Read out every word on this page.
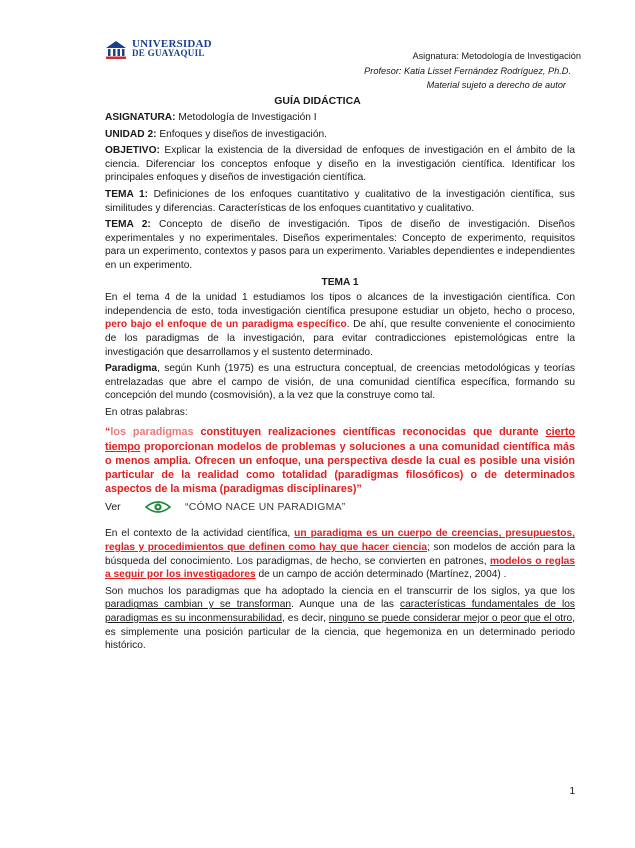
UNIVERSIDAD
DE GUAYAQUIL	Asignatura: Metodología de Investigación
Profesor: Katia Lisset Fernández Rodríguez, Ph.D.
Material sujeto a derecho de autor
GUÍA DIDÁCTICA

ASIGNATURA: Metodología de Investigación I

UNIDAD 2: Enfoques y diseños de investigación.

OBJETIVO: Explicar la existencia de la diversidad de enfoques de investigación en el ámbito de la ciencia. Diferenciar los conceptos enfoque y diseño en la investigación científica. Identificar los principales enfoques y diseños de investigación científica.

TEMA 1: Definiciones de los enfoques cuantitativo y cualitativo de la investigación científica, sus similitudes y diferencias. Características de los enfoques cuantitativo y cualitativo.

TEMA 2: Concepto de diseño de investigación. Tipos de diseño de investigación. Diseños experimentales y no experimentales. Diseños experimentales: Concepto de experimento, requisitos para un experimento, contextos y pasos para un experimento. Variables dependientes e independientes en un experimento.

TEMA 1

En el tema 4 de la unidad 1 estudiamos los tipos o alcances de la investigación científica. Con independencia de esto, toda investigación científica presupone estudiar un objeto, hecho o proceso, pero bajo el enfoque de un paradigma específico. De ahí, que resulte conveniente el conocimiento de los paradigmas de la investigación, para evitar contradicciones epistemológicas entre la investigación que desarrollamos y el sustento determinado.

Paradigma, según Kunh (1975) es una estructura conceptual, de creencias metodológicas y teorías entrelazadas que abre el campo de visión, de una comunidad científica específica, formando su concepción del mundo (cosmovisión), a la vez que la construye como tal.

En otras palabras:

“los paradigmas constituyen realizaciones científicas reconocidas que durante cierto tiempo proporcionan modelos de problemas y soluciones a una comunidad científica más o menos amplia. Ofrecen un enfoque, una perspectiva desde la cual es posible una visión particular de la realidad como totalidad (paradigmas filosóficos) o de determinados aspectos de la misma (paradigmas disciplinares)”

Ver	“CÓMO NACE UN PARADIGMA”

En el contexto de la actividad científica, un paradigma es un cuerpo de creencias, presupuestos, reglas y procedimientos que definen como hay que hacer ciencia; son modelos de acción para la búsqueda del conocimiento. Los paradigmas, de hecho, se convierten en patrones, modelos o reglas a seguir por los investigadores de un campo de acción determinado (Martínez, 2004) .

Son muchos los paradigmas que ha adoptado la ciencia en el transcurrir de los siglos, ya que los paradigmas cambian y se transforman. Aunque una de las características fundamentales de los paradigmas es su inconmensurabilidad, es decir, ninguno se puede considerar mejor o peor que el otro, es simplemente una posición particular de la ciencia, que hegemoniza en un determinado periodo histórico.

1
